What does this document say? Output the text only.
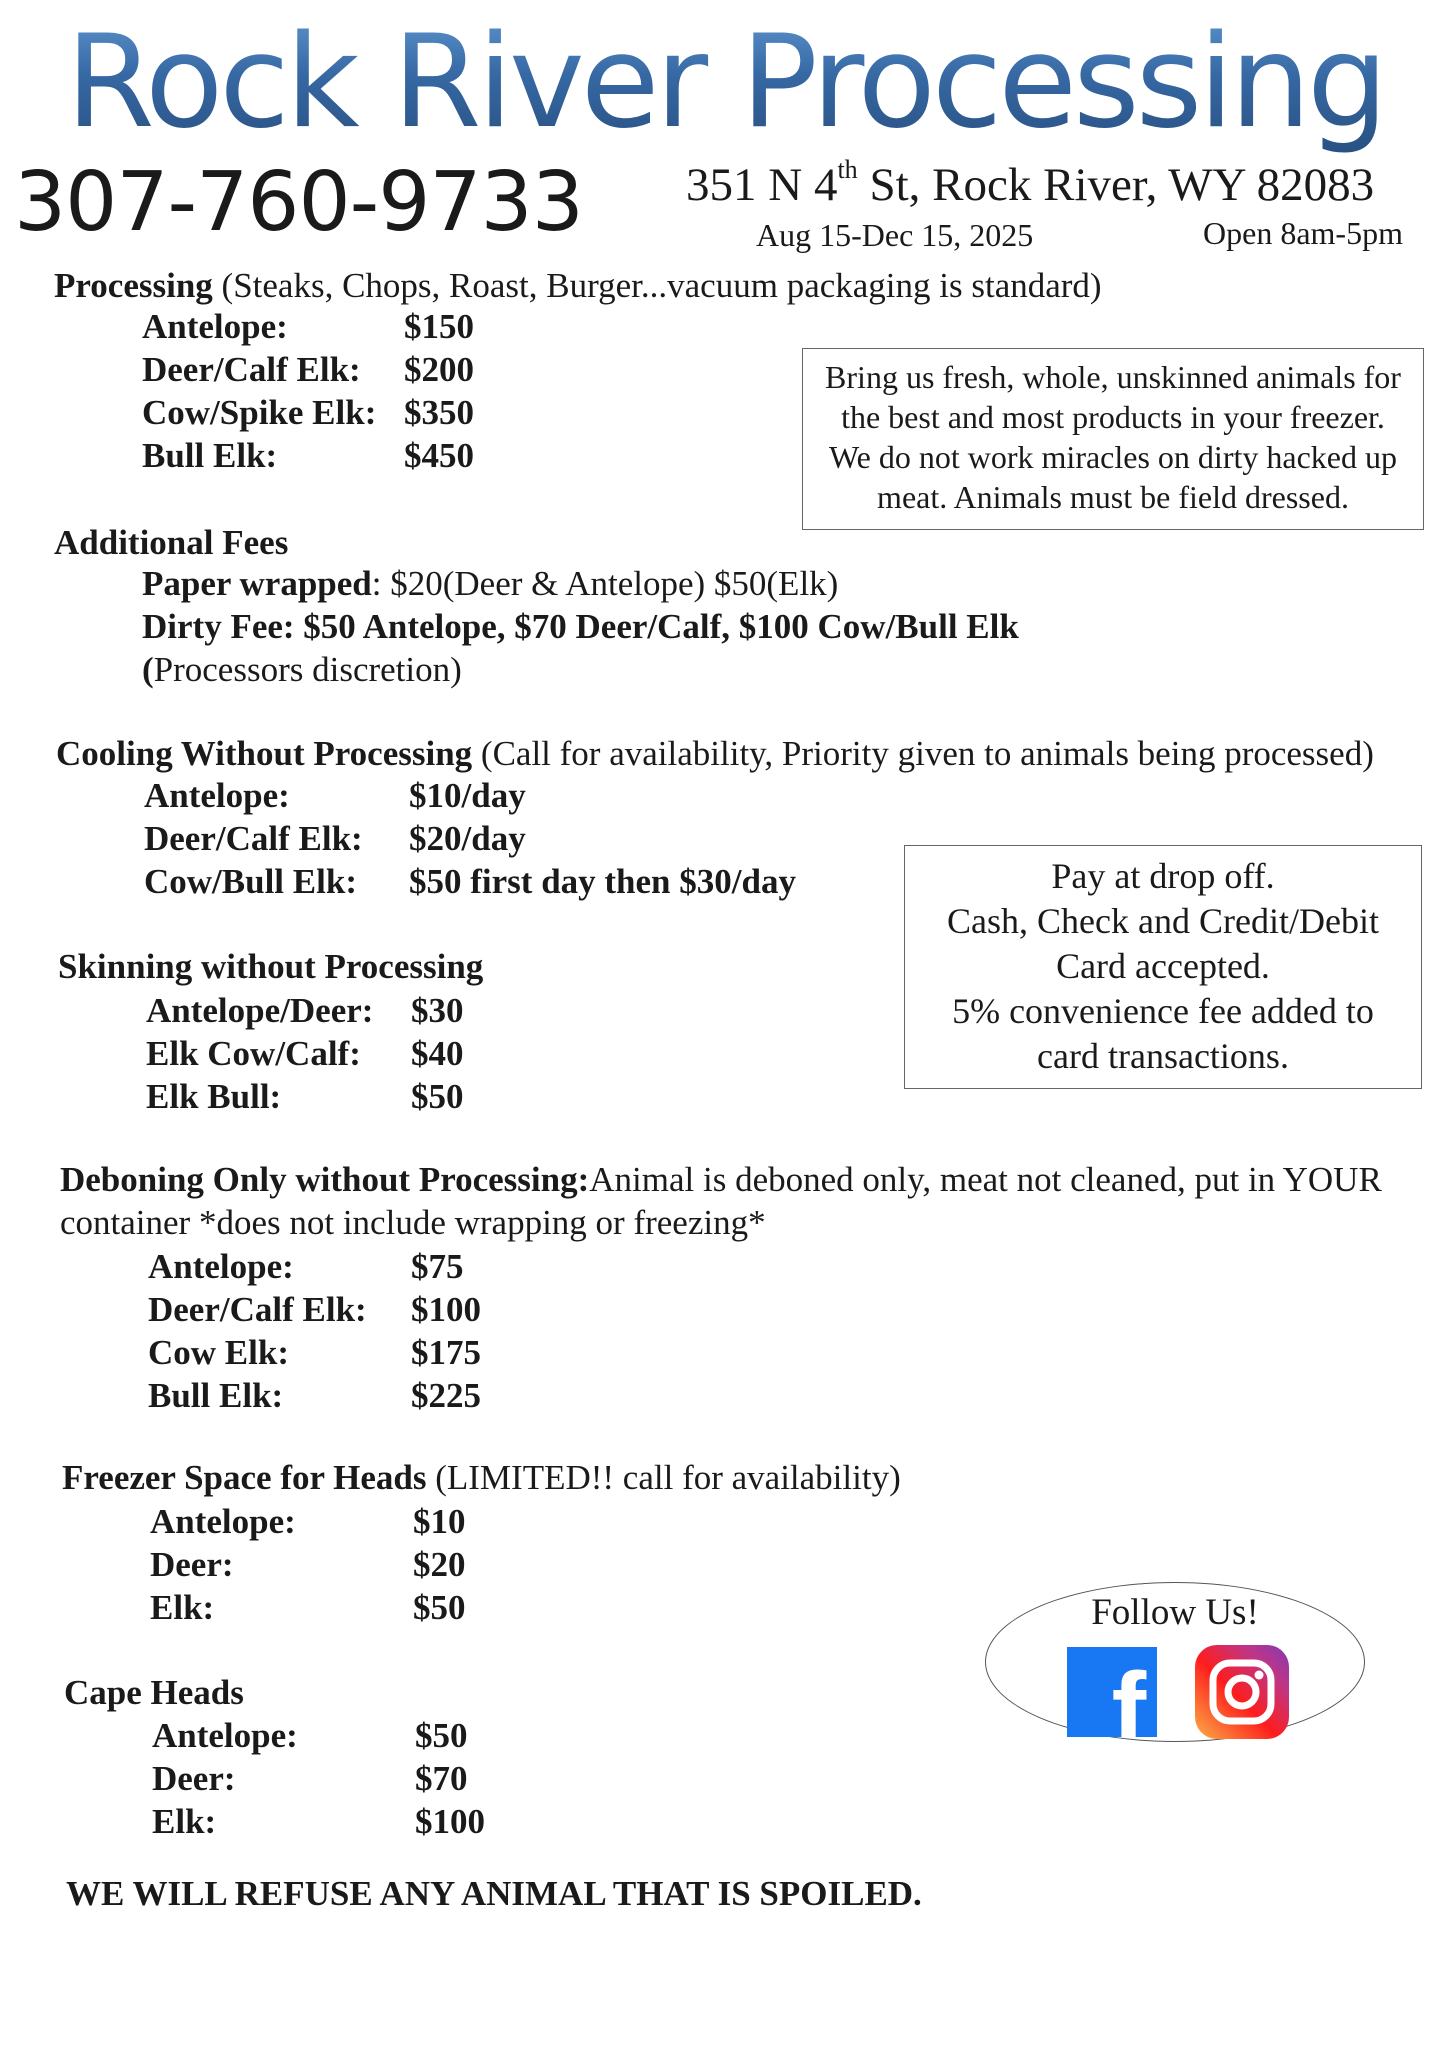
Rock River Processing
307-760-9733 351 N 4th St, Rock River, WY 82083
Aug 15-Dec 15, 2025	Open 8am-5pm
Processing (Steaks, Chops, Roast, Burger...vacuum packaging is standard)
Antelope:	$150
Deer/Calf Elk: $200
Cow/Spike Elk: $350
Bull Elk:	$450
Bring us fresh, whole, unskinned animals for
the best and most products in your freezer.
We do not work miracles on dirty hacked up
meat. Animals must be field dressed.
Additional Fees
Paper wrapped: $20(Deer & Antelope) $50(Elk)
Dirty Fee: $50 Antelope, $70 Deer/Calf, $100 Cow/Bull Elk
(Processors discretion)
Cooling Without Processing (Call for availability, Priority given to animals being processed)
Antelope:	$10/day
Deer/Calf Elk: $20/day
Cow/Bull Elk: $50 first day then $30/day	Pay at drop off.
Cash, Check and Credit/Debit
Card accepted.
5% convenience fee added to
card transactions.
Skinning without Processing
Antelope/Deer: $30
Elk Cow/Calf: $40
Elk Bull:	$50
Deboning Only without Processing:Animal is deboned only, meat not cleaned, put in YOUR
container *does not include wrapping or freezing*
Antelope:	$75
Deer/Calf Elk: $100
Cow Elk:	$175
Bull Elk:	$225
Freezer Space for Heads (LIMITED!! call for availability)
Antelope:	$10
Deer:	$20
Elk:	$50
Cape Heads
Antelope:	$50
Deer:	$70
Elk:	$100
Follow Us!
f
WE WILL REFUSE ANY ANIMAL THAT IS SPOILED.
